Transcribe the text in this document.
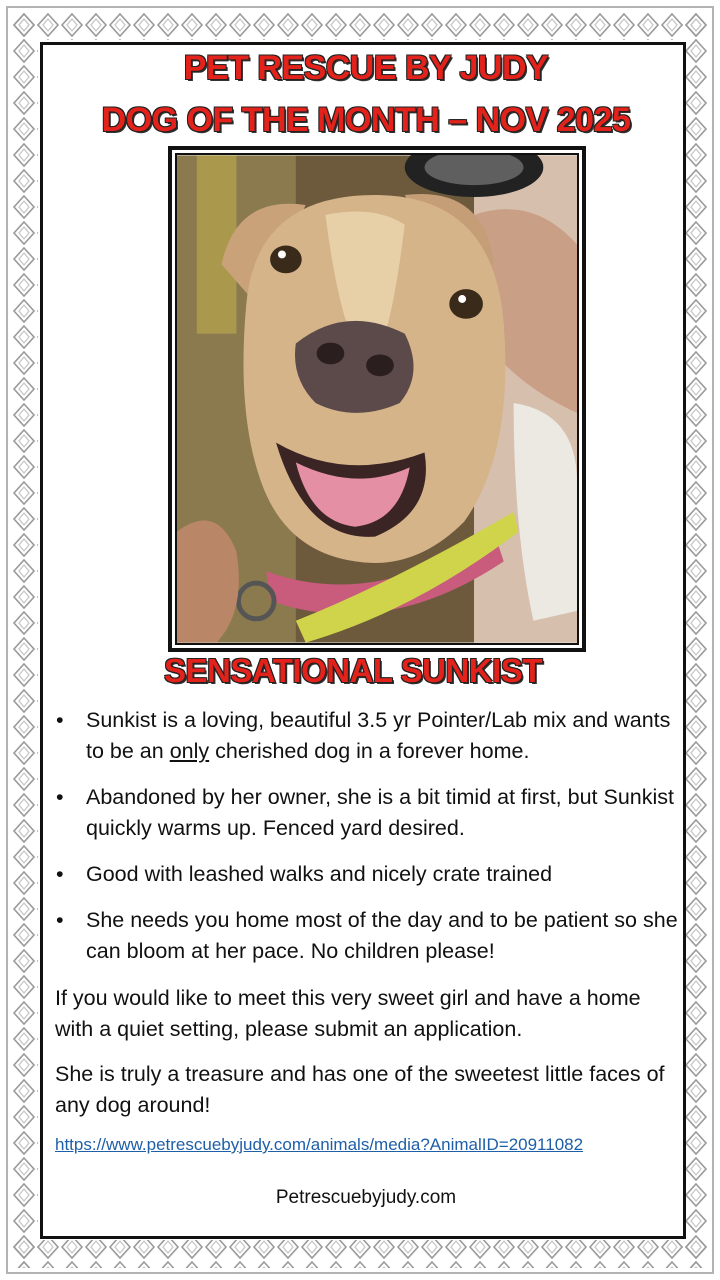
PET RESCUE BY JUDY
DOG OF THE MONTH – NOV 2025
SENSATIONAL SUNKIST
• Sunkist is a loving, beautiful 3.5 yr Pointer/Lab mix and wants to be an only cherished dog in a forever home.
• Abandoned by her owner, she is a bit timid at first, but Sunkist quickly warms up. Fenced yard desired.
• Good with leashed walks and nicely crate trained
• She needs you home most of the day and to be patient so she can bloom at her pace. No children please!
If you would like to meet this very sweet girl and have a home with a quiet setting, please submit an application.
She is truly a treasure and has one of the sweetest little faces of any dog around!
https://www.petrescuebyjudy.com/animals/media?AnimalID=20911082
Petrescuebyjudy.com
